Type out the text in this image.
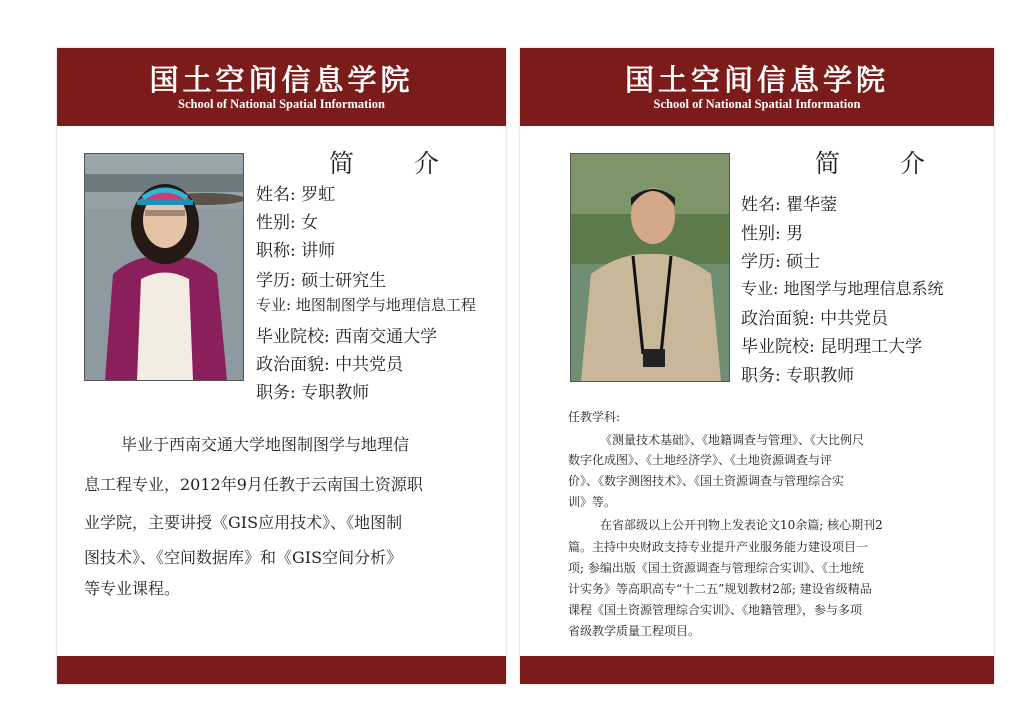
国土空间信息学院
School of National Spatial Information
简 介
姓名: 罗虹
性别: 女
职称: 讲师
学历: 硕士研究生
专业: 地图制图学与地理信息工程
毕业院校: 西南交通大学
政治面貌: 中共党员
职务: 专职教师
毕业于西南交通大学地图制图学与地理信
息工程专业，2012年9月任教于云南国土资源职
业学院，主要讲授《GIS应用技术》、《地图制
图技术》、《空间数据库》和《GIS空间分析》
等专业课程。
国土空间信息学院
School of National Spatial Information
简 介
姓名: 瞿华蓥
性别: 男
学历: 硕士
专业: 地图学与地理信息系统
政治面貌: 中共党员
毕业院校: 昆明理工大学
职务: 专职教师
任教学科:
《测量技术基础》、《地籍调查与管理》、《大比例尺
数字化成图》、《土地经济学》、《土地资源调查与评
价》、《数字测图技术》、《国土资源调查与管理综合实
训》等。
在省部级以上公开刊物上发表论文10余篇; 核心期刊2
篇。主持中央财政支持专业提升产业服务能力建设项目一
项; 参编出版《国土资源调查与管理综合实训》、《土地统
计实务》等高职高专“十二五”规划教材2部; 建设省级精品
课程《国土资源管理综合实训》、《地籍管理》，参与多项
省级教学质量工程项目。
